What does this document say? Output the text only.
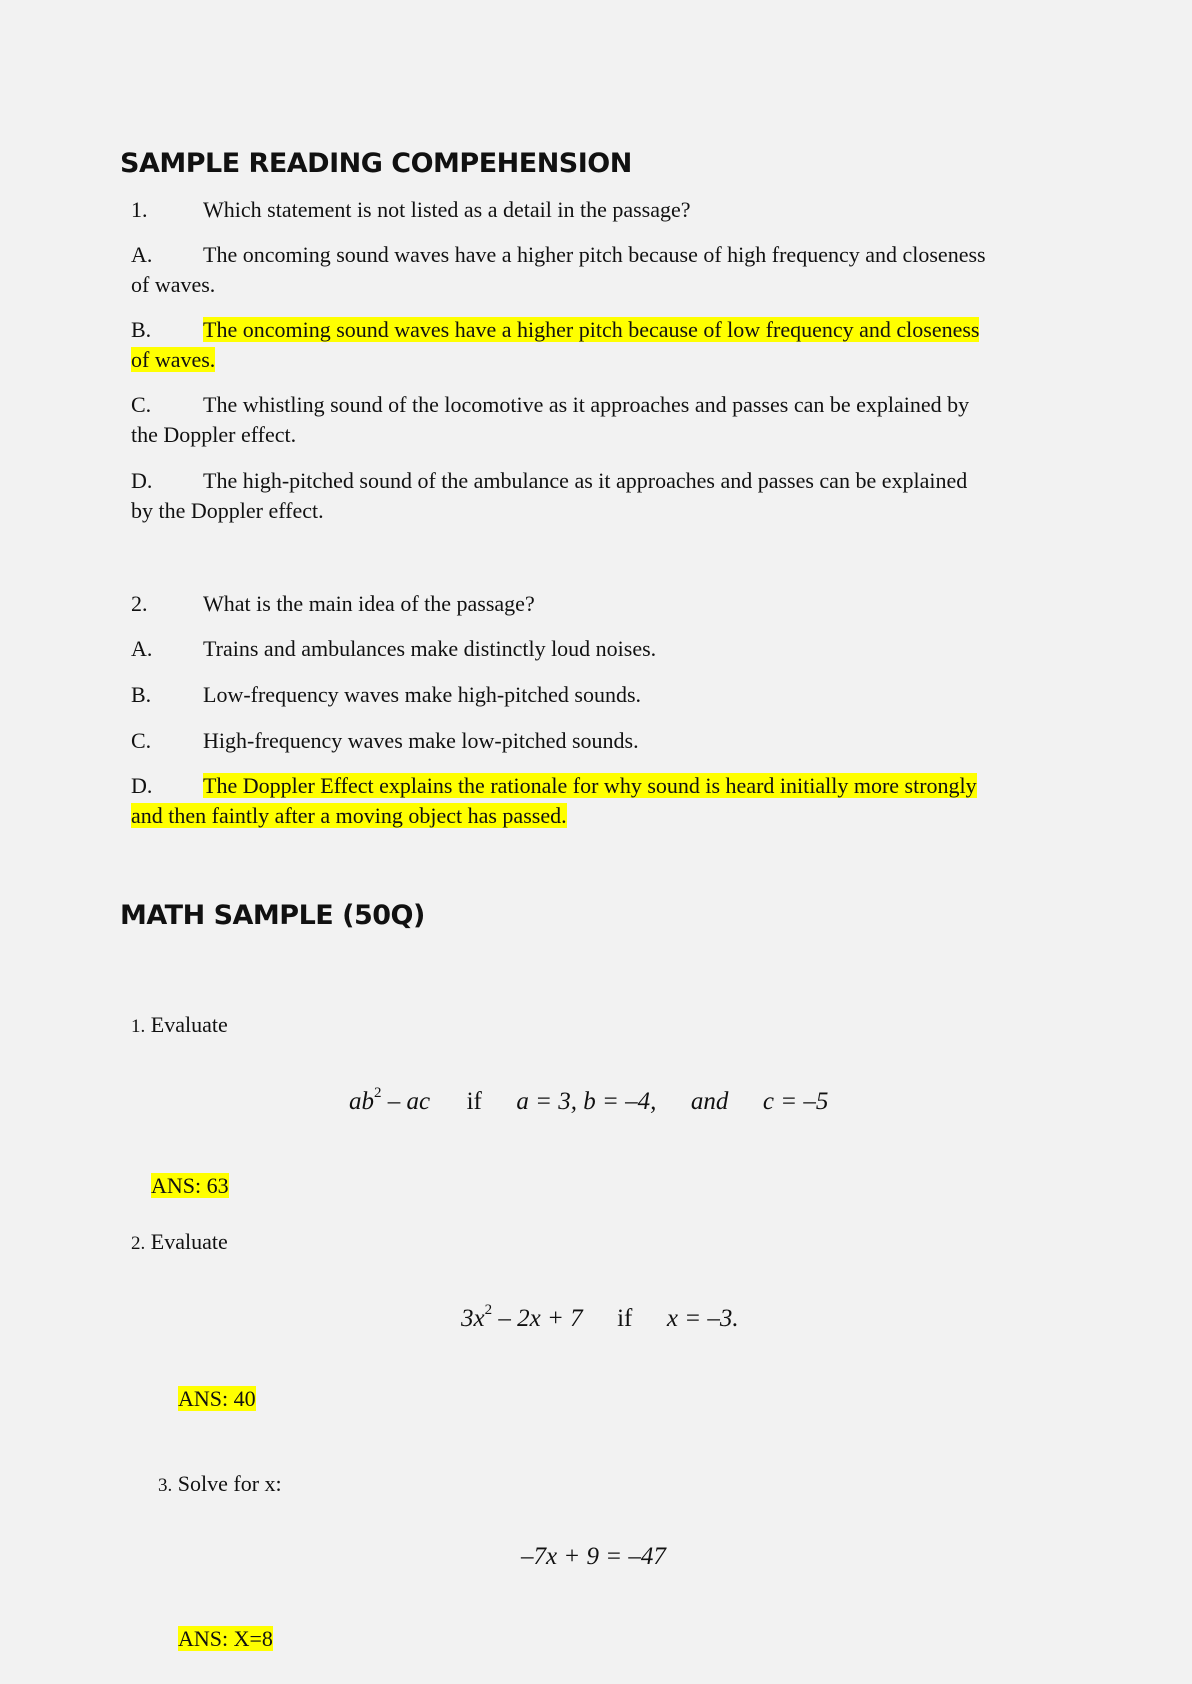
SAMPLE READING COMPEHENSION
1.	Which statement is not listed as a detail in the passage?
A. The oncoming sound waves have a higher pitch because of high frequency and closeness
of waves.
B. The oncoming sound waves have a higher pitch because of low frequency and closeness
of waves.
C. The whistling sound of the locomotive as it approaches and passes can be explained by
the Doppler effect.
D. The high-pitched sound of the ambulance as it approaches and passes can be explained
by the Doppler effect.
2.	What is the main idea of the passage?
A. Trains and ambulances make distinctly loud noises.
B. Low-frequency waves make high-pitched sounds.
C. High-frequency waves make low-pitched sounds.
D. The Doppler Effect explains the rationale for why sound is heard initially more strongly
and then faintly after a moving object has passed.
MATH SAMPLE (50Q)
1. Evaluate
$ab^2$ – ac if a = 3, b = –4, and c = –5
ANS: 63
2. Evaluate
$3x^2 - 2x + 7$ if x = –3.
ANS: 40
3. Solve for x:
–7x + 9 = –47
ANS: X=8
